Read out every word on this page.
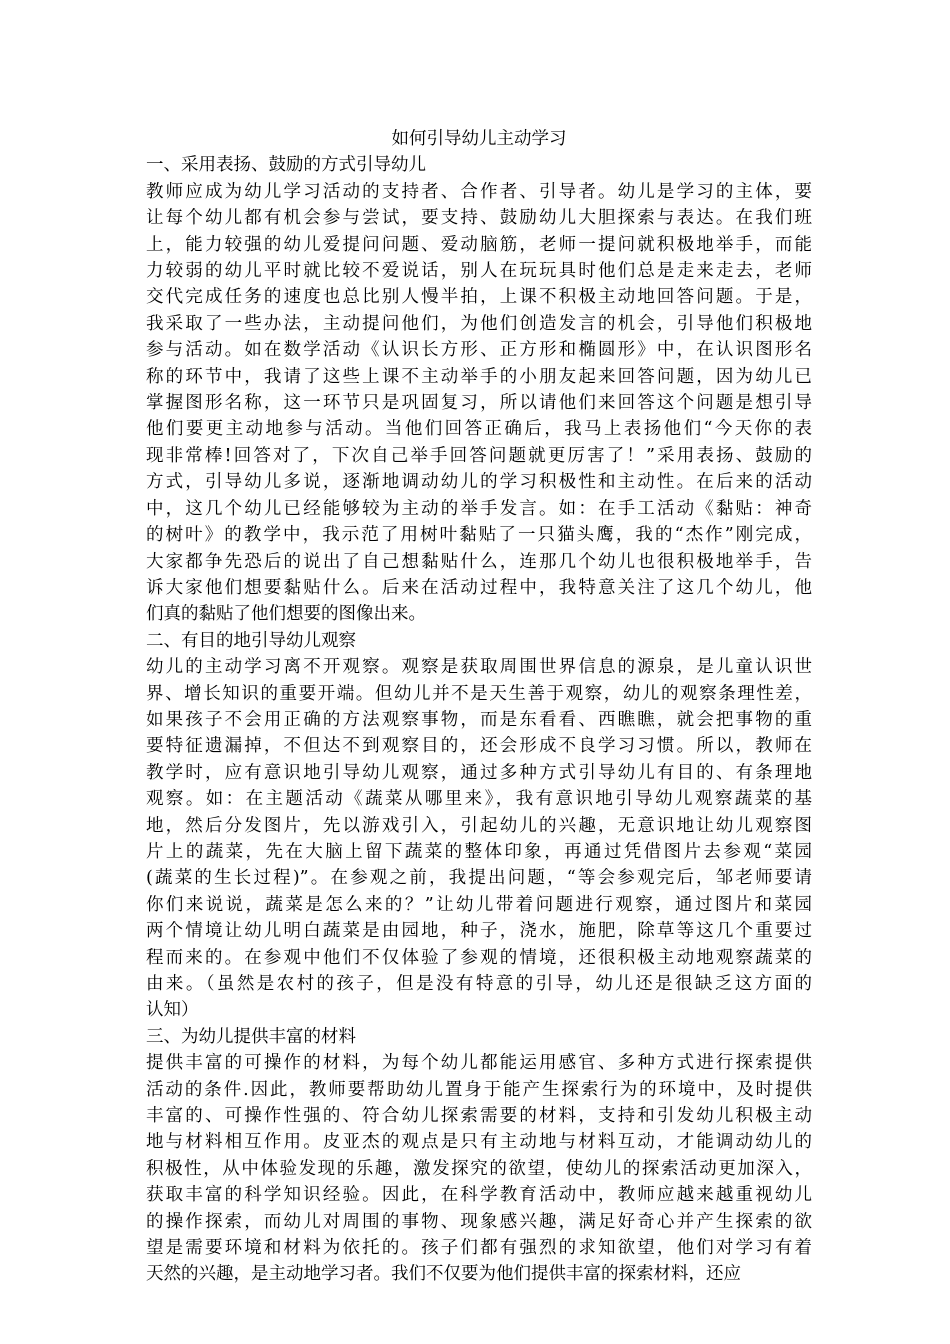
如何引导幼儿主动学习
一、采用表扬、鼓励的方式引导幼儿
教师应成为幼儿学习活动的支持者、合作者、引导者。幼儿是学习的主体，要
让每个幼儿都有机会参与尝试，要支持、鼓励幼儿大胆探索与表达。在我们班
上，能力较强的幼儿爱提问问题、爱动脑筋，老师一提问就积极地举手，而能
力较弱的幼儿平时就比较不爱说话，别人在玩玩具时他们总是走来走去，老师
交代完成任务的速度也总比别人慢半拍，上课不积极主动地回答问题。于是，
我采取了一些办法，主动提问他们，为他们创造发言的机会，引导他们积极地
参与活动。如在数学活动《认识长方形、正方形和椭圆形》中，在认识图形名
称的环节中，我请了这些上课不主动举手的小朋友起来回答问题，因为幼儿已
掌握图形名称，这一环节只是巩固复习，所以请他们来回答这个问题是想引导
他们要更主动地参与活动。当他们回答正确后，我马上表扬他们“今天你的表
现非常棒!回答对了，下次自己举手回答问题就更厉害了！”采用表扬、鼓励的
方式，引导幼儿多说，逐渐地调动幼儿的学习积极性和主动性。在后来的活动
中，这几个幼儿已经能够较为主动的举手发言。如：在手工活动《黏贴：神奇
的树叶》的教学中，我示范了用树叶黏贴了一只猫头鹰，我的“杰作”刚完成，
大家都争先恐后的说出了自己想黏贴什么，连那几个幼儿也很积极地举手，告
诉大家他们想要黏贴什么。后来在活动过程中，我特意关注了这几个幼儿，他
们真的黏贴了他们想要的图像出来。
二、有目的地引导幼儿观察
幼儿的主动学习离不开观察。观察是获取周围世界信息的源泉，是儿童认识世
界、增长知识的重要开端。但幼儿并不是天生善于观察，幼儿的观察条理性差，
如果孩子不会用正确的方法观察事物，而是东看看、西瞧瞧，就会把事物的重
要特征遗漏掉，不但达不到观察目的，还会形成不良学习习惯。所以，教师在
教学时，应有意识地引导幼儿观察，通过多种方式引导幼儿有目的、有条理地
观察。如：在主题活动《蔬菜从哪里来》，我有意识地引导幼儿观察蔬菜的基
地，然后分发图片，先以游戏引入，引起幼儿的兴趣，无意识地让幼儿观察图
片上的蔬菜，先在大脑上留下蔬菜的整体印象，再通过凭借图片去参观“菜园
(蔬菜的生长过程)”。在参观之前，我提出问题，“等会参观完后，邹老师要请
你们来说说，蔬菜是怎么来的？”让幼儿带着问题进行观察，通过图片和菜园
两个情境让幼儿明白蔬菜是由园地，种子，浇水，施肥，除草等这几个重要过
程而来的。在参观中他们不仅体验了参观的情境，还很积极主动地观察蔬菜的
由来。（虽然是农村的孩子，但是没有特意的引导，幼儿还是很缺乏这方面的
认知）
三、为幼儿提供丰富的材料
提供丰富的可操作的材料，为每个幼儿都能运用感官、多种方式进行探索提供
活动的条件.因此，教师要帮助幼儿置身于能产生探索行为的环境中，及时提供
丰富的、可操作性强的、符合幼儿探索需要的材料，支持和引发幼儿积极主动
地与材料相互作用。皮亚杰的观点是只有主动地与材料互动，才能调动幼儿的
积极性，从中体验发现的乐趣，激发探究的欲望，使幼儿的探索活动更加深入，
获取丰富的科学知识经验。因此，在科学教育活动中，教师应越来越重视幼儿
的操作探索，而幼儿对周围的事物、现象感兴趣，满足好奇心并产生探索的欲
望是需要环境和材料为依托的。孩子们都有强烈的求知欲望，他们对学习有着
天然的兴趣，是主动地学习者。我们不仅要为他们提供丰富的探索材料，还应
